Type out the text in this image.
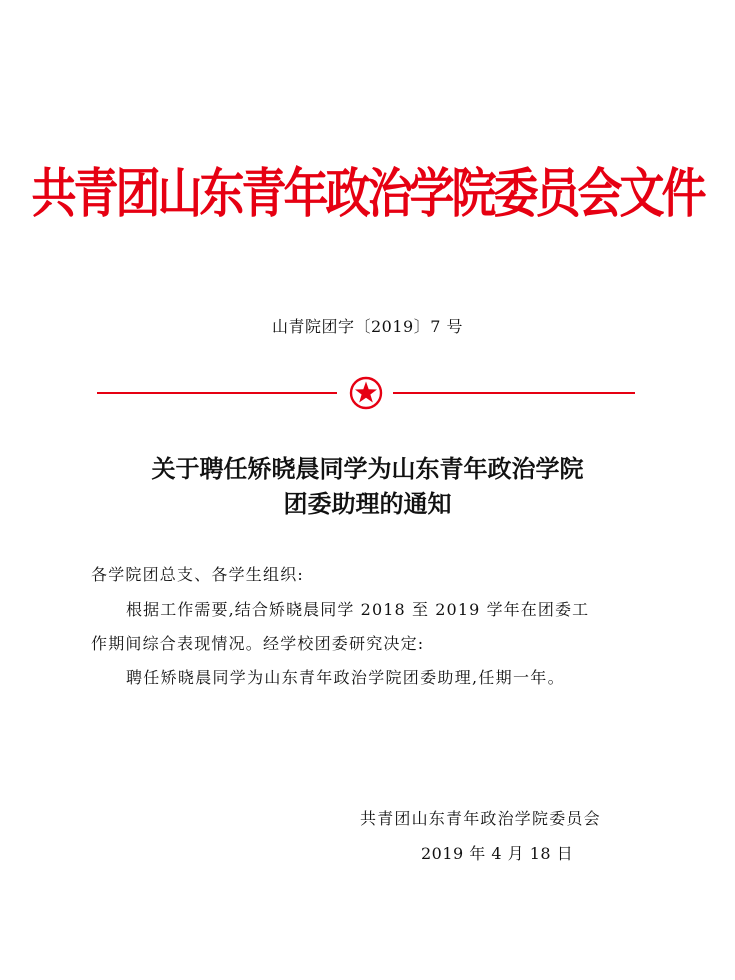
共青团山东青年政治学院委员会文件
山青院团字〔2019〕7 号
关于聘任矫晓晨同学为山东青年政治学院
团委助理的通知
各学院团总支、各学生组织:
根据工作需要,结合矫晓晨同学 2018 至 2019 学年在团委工
作期间综合表现情况。经学校团委研究决定:
聘任矫晓晨同学为山东青年政治学院团委助理,任期一年。
共青团山东青年政治学院委员会
2019 年 4 月 18 日
